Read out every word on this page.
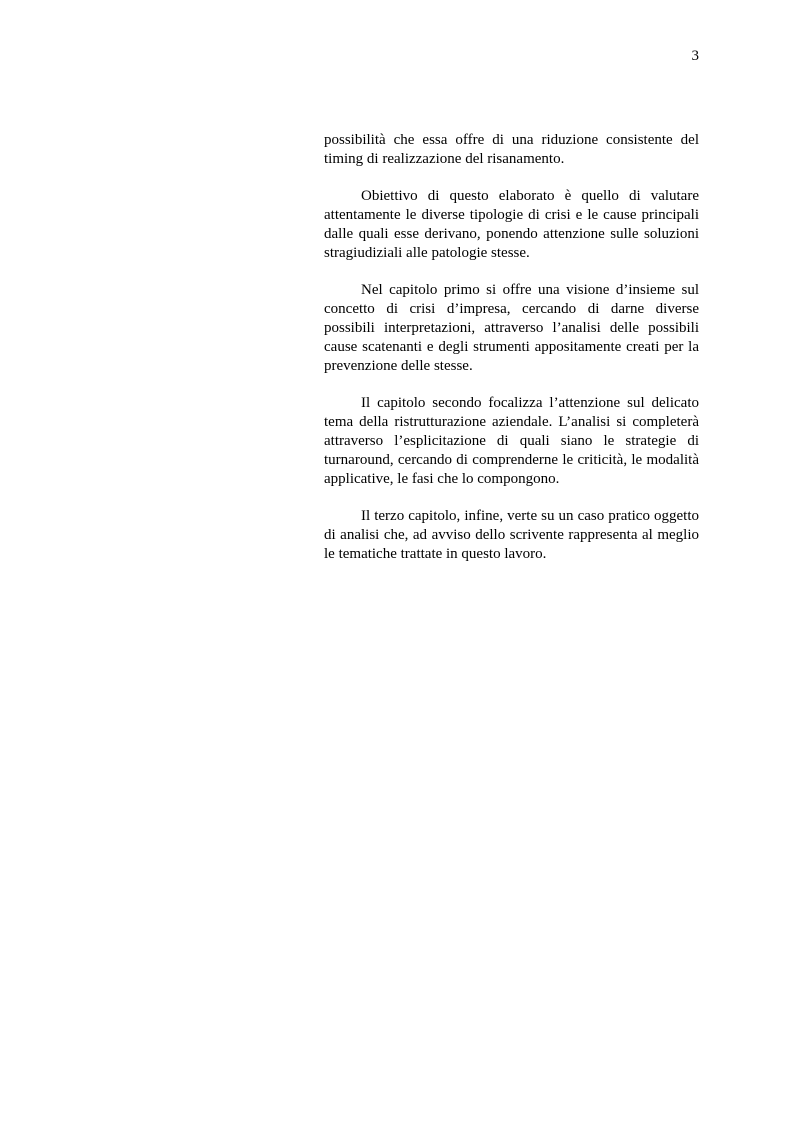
3

possibilità che essa offre di una riduzione consistente del timing di realizzazione del risanamento.

Obiettivo di questo elaborato è quello di valutare attentamente le diverse tipologie di crisi e le cause principali dalle quali esse derivano, ponendo attenzione sulle soluzioni stragiudiziali alle patologie stesse.

Nel capitolo primo si offre una visione d’insieme sul concetto di crisi d’impresa, cercando di darne diverse possibili interpretazioni, attraverso l’analisi delle possibili cause scatenanti e degli strumenti appositamente creati per la prevenzione delle stesse.

Il capitolo secondo focalizza l’attenzione sul delicato tema della ristrutturazione aziendale. L’analisi si completerà attraverso l’esplicitazione di quali siano le strategie di turnaround, cercando di comprenderne le criticità, le modalità applicative, le fasi che lo compongono.

Il terzo capitolo, infine, verte su un caso pratico oggetto di analisi che, ad avviso dello scrivente rappresenta al meglio le tematiche trattate in questo lavoro.
